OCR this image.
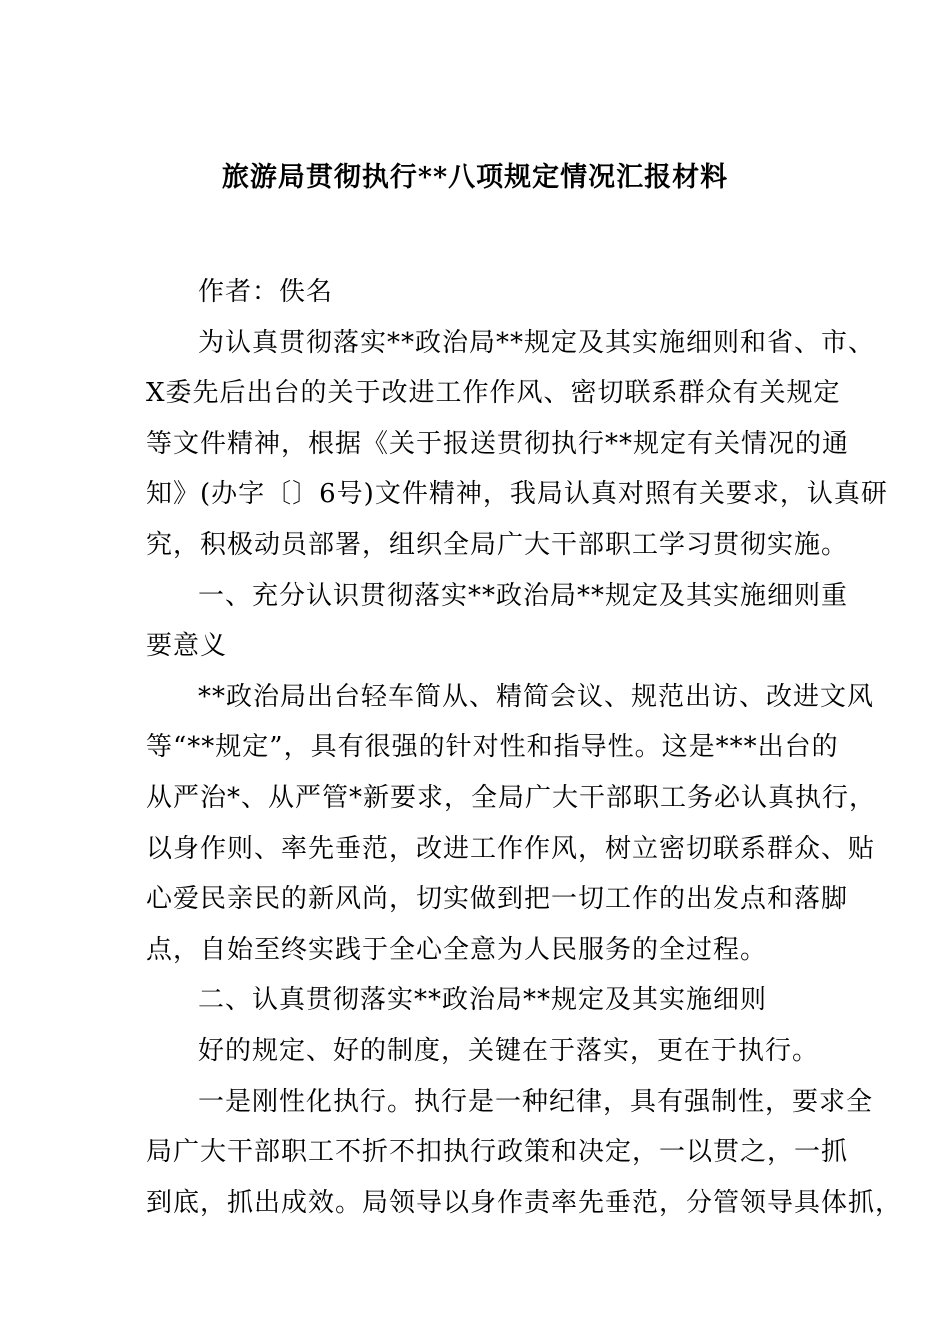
旅游局贯彻执行**八项规定情况汇报材料
作者：佚名
为认真贯彻落实**政治局**规定及其实施细则和省、市、
X委先后出台的关于改进工作作风、密切联系群众有关规定
等文件精神，根据《关于报送贯彻执行**规定有关情况的通
知》(办字〔〕6号)文件精神，我局认真对照有关要求，认真研
究，积极动员部署，组织全局广大干部职工学习贯彻实施。
一、充分认识贯彻落实**政治局**规定及其实施细则重
要意义
**政治局出台轻车简从、精简会议、规范出访、改进文风
等“**规定”，具有很强的针对性和指导性。这是***出台的
从严治*、从严管*新要求，全局广大干部职工务必认真执行，
以身作则、率先垂范，改进工作作风，树立密切联系群众、贴
心爱民亲民的新风尚，切实做到把一切工作的出发点和落脚
点，自始至终实践于全心全意为人民服务的全过程。
二、认真贯彻落实**政治局**规定及其实施细则
好的规定、好的制度，关键在于落实，更在于执行。
一是刚性化执行。执行是一种纪律，具有强制性，要求全
局广大干部职工不折不扣执行政策和决定，一以贯之，一抓
到底，抓出成效。局领导以身作责率先垂范，分管领导具体抓，
